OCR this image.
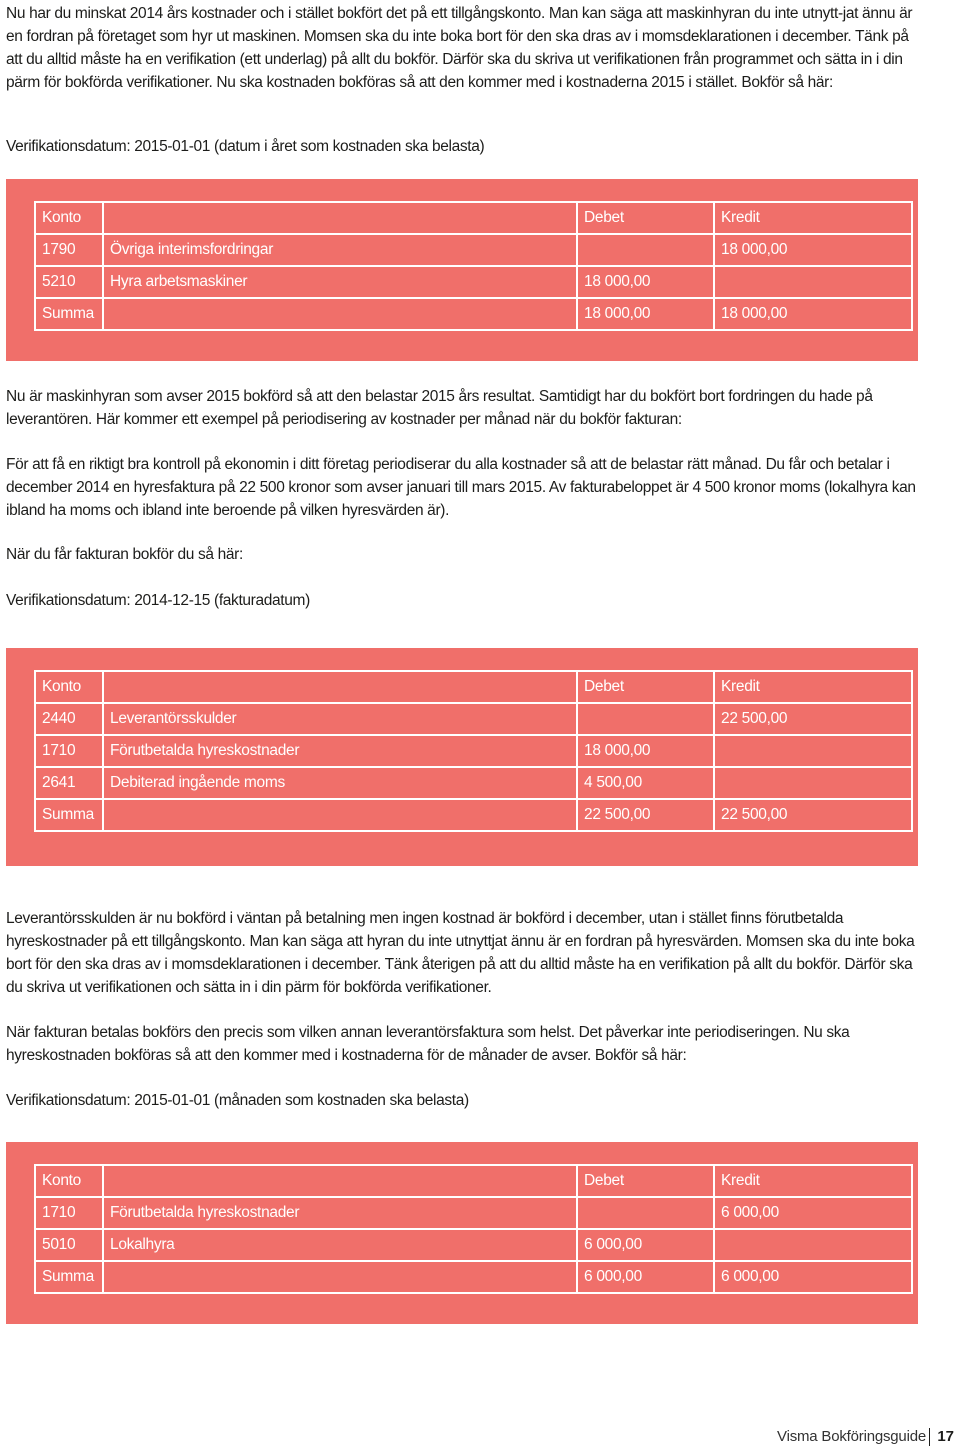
Nu har du minskat 2014 års kostnader och i stället bokfört det på ett tillgångskonto. Man kan säga att maskinhyran du inte utnytt-jat ännu är en fordran på företaget som hyr ut maskinen. Momsen ska du inte boka bort för den ska dras av i momsdeklarationen i december. Tänk på att du alltid måste ha en verifikation (ett underlag) på allt du bokför. Därför ska du skriva ut verifikationen från programmet och sätta in i din pärm för bokförda verifikationer. Nu ska kostnaden bokföras så att den kommer med i kostnaderna 2015 i stället. Bokför så här:

Verifikationsdatum: 2015-01-01 (datum i året som kostnaden ska belasta)

Konto		Debet	Kredit
1790	Övriga interimsfordringar		18 000,00
5210	Hyra arbetsmaskiner	18 000,00	
Summa		18 000,00	18 000,00

Nu är maskinhyran som avser 2015 bokförd så att den belastar 2015 års resultat. Samtidigt har du bokfört bort fordringen du hade på leverantören. Här kommer ett exempel på periodisering av kostnader per månad när du bokför fakturan:

För att få en riktigt bra kontroll på ekonomin i ditt företag periodiserar du alla kostnader så att de belastar rätt månad. Du får och betalar i december 2014 en hyresfaktura på 22 500 kronor som avser januari till mars 2015. Av fakturabeloppet är 4 500 kronor moms (lokalhyra kan ibland ha moms och ibland inte beroende på vilken hyresvärden är).

När du får fakturan bokför du så här:

Verifikationsdatum: 2014-12-15 (fakturadatum)

Konto		Debet	Kredit
2440	Leverantörsskulder		22 500,00
1710	Förutbetalda hyreskostnader	18 000,00	
2641	Debiterad ingående moms	4 500,00	
Summa		22 500,00	22 500,00

Leverantörsskulden är nu bokförd i väntan på betalning men ingen kostnad är bokförd i december, utan i stället finns förutbetalda hyreskostnader på ett tillgångskonto. Man kan säga att hyran du inte utnyttjat ännu är en fordran på hyresvärden. Momsen ska du inte boka bort för den ska dras av i momsdeklarationen i december. Tänk återigen på att du alltid måste ha en verifikation på allt du bokför. Därför ska du skriva ut verifikationen och sätta in i din pärm för bokförda verifikationer.

När fakturan betalas bokförs den precis som vilken annan leverantörsfaktura som helst. Det påverkar inte periodiseringen. Nu ska hyreskostnaden bokföras så att den kommer med i kostnaderna för de månader de avser. Bokför så här:

Verifikationsdatum: 2015-01-01 (månaden som kostnaden ska belasta)

Konto		Debet	Kredit
1710	Förutbetalda hyreskostnader		6 000,00
5010	Lokalhyra	6 000,00	
Summa		6 000,00	6 000,00
Visma Bokföringsguide 17
